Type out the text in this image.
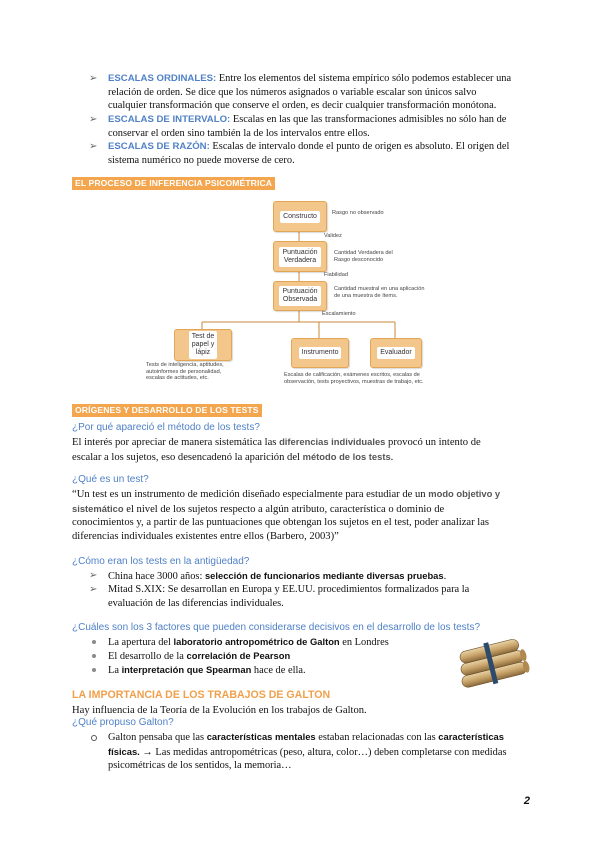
➢ ESCALAS ORDINALES: Entre los elementos del sistema empírico sólo podemos establecer una
relación de orden. Se dice que los números asignados o variable escalar son únicos salvo
cualquier transformación que conserve el orden, es decir cualquier transformación monótona.
➢ ESCALAS DE INTERVALO: Escalas en las que las transformaciones admisibles no sólo han de
conservar el orden sino también la de los intervalos entre ellos.
➢ ESCALAS DE RAZÓN: Escalas de intervalo donde el punto de origen es absoluto. El origen del
sistema numérico no puede moverse de cero.
EL PROCESO DE INFERENCIA PSICOMÉTRICA
Constructo	Rasgo no observado
Validez
Puntuación
Verdadera
Cantidad Verdadera del
Rasgo desconocido
Fiabilidad
Puntuación
Observada
Cantidad muestral en una aplicación
de una muestra de ítems.
Escalamiento
Test de
papel y
lápiz	Instrumento	Evaluador
Tests de inteligencia, aptitudes,
autoinformes de personalidad,
escalas de actitudes, etc.
Escalas de calificación, exámenes escritos, escalas de
observación, tests proyectivos, muestras de trabajo, etc.
ORÍGENES Y DESARROLLO DE LOS TESTS
¿Por qué apareció el método de los tests?
El interés por apreciar de manera sistemática las diferencias individuales provocó un intento de
escalar a los sujetos, eso desencadenó la aparición del método de los tests.
¿Qué es un test?
“Un test es un instrumento de medición diseñado especialmente para estudiar de un modo objetivo y
sistemático el nivel de los sujetos respecto a algún atributo, característica o dominio de
conocimientos y, a partir de las puntuaciones que obtengan los sujetos en el test, poder analizar las
diferencias individuales existentes entre ellos (Barbero, 2003)”
¿Cómo eran los tests en la antigüedad?
➢ China hace 3000 años: selección de funcionarios mediante diversas pruebas.
➢ Mitad S.XIX: Se desarrollan en Europa y EE.UU. procedimientos formalizados para la
evaluación de las diferencias individuales.
¿Cuáles son los 3 factores que pueden considerarse decisivos en el desarrollo de los tests?
La apertura del laboratorio antropométrico de Galton en Londres
El desarrollo de la correlación de Pearson
La interpretación que Spearman hace de ella.
LA IMPORTANCIA DE LOS TRABAJOS DE GALTON
Hay influencia de la Teoría de la Evolución en los trabajos de Galton.
¿Qué propuso Galton?
Galton pensaba que las características mentales estaban relacionadas con las características
físicas. → Las medidas antropométricas (peso, altura, color…) deben completarse con medidas
psicométricas de los sentidos, la memoria…
2
